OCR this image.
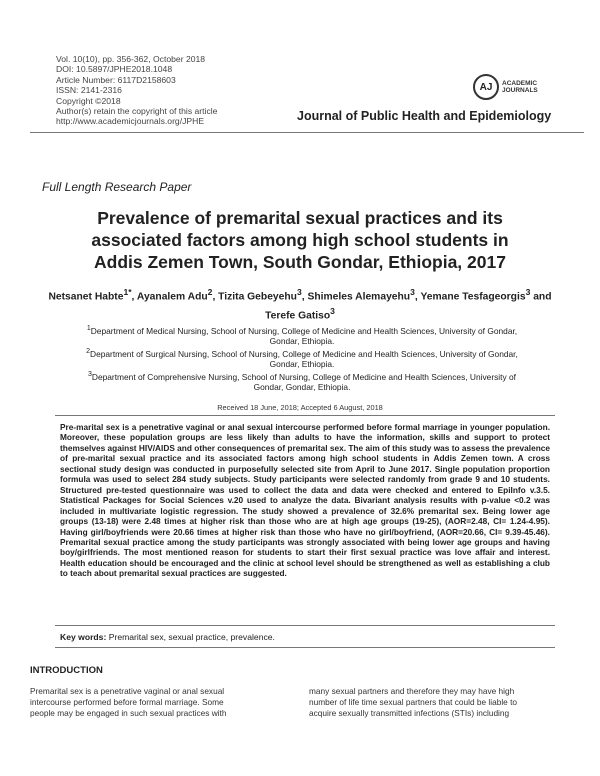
Vol. 10(10), pp. 356-362, October 2018
DOI: 10.5897/JPHE2018.1048
Article Number: 6117D2158603
ISSN: 2141-2316
Copyright ©2018
Author(s) retain the copyright of this article
http://www.academicjournals.org/JPHE
AJ	ACADEMIC
JOURNALS
Journal of Public Health and Epidemiology
Full Length Research Paper
Prevalence of premarital sexual practices and its
associated factors among high school students in
Addis Zemen Town, South Gondar, Ethiopia, 2017
Netsanet Habte$^{1*}$, Ayanalem Adu$^2$, Tizita Gebeyehu$^3$, Shimeles Alemayehu$^3$, Yemane Tesfageorgis$^3$ and Terefe Gatiso$^3$
$^1$Department of Medical Nursing, School of Nursing, College of Medicine and Health Sciences, University of Gondar,
Gondar, Ethiopia.
$^2$Department of Surgical Nursing, School of Nursing, College of Medicine and Health Sciences, University of Gondar,
Gondar, Ethiopia.
$^3$Department of Comprehensive Nursing, School of Nursing, College of Medicine and Health Sciences, University of
Gondar, Gondar, Ethiopia.
Received 18 June, 2018; Accepted 6 August, 2018
Pre-marital sex is a penetrative vaginal or anal sexual intercourse performed before formal marriage in younger population. Moreover, these population groups are less likely than adults to have the information, skills and support to protect themselves against HIV/AIDS and other consequences of premarital sex. The aim of this study was to assess the prevalence of pre-marital sexual practice and its associated factors among high school students in Addis Zemen town. A cross sectional study design was conducted in purposefully selected site from April to June 2017. Single population proportion formula was used to select 284 study subjects. Study participants were selected randomly from grade 9 and 10 students. Structured pre-tested questionnaire was used to collect the data and data were checked and entered to EpiInfo v.3.5. Statistical Packages for Social Sciences v.20 used to analyze the data. Bivariant analysis results with p-value <0.2 was included in multivariate logistic regression. The study showed a prevalence of 32.6% premarital sex. Being lower age groups (13-18) were 2.48 times at higher risk than those who are at high age groups (19-25), (AOR=2.48, CI= 1.24-4.95). Having girl/boyfriends were 20.66 times at higher risk than those who have no girl/boyfriend, (AOR=20.66, CI= 9.39-45.46). Premarital sexual practice among the study participants was strongly associated with being lower age groups and having boy/girlfriends. The most mentioned reason for students to start their first sexual practice was love affair and interest. Health education should be encouraged and the clinic at school level should be strengthened as well as establishing a club to teach about premarital sexual practices are suggested.
Key words: Premarital sex, sexual practice, prevalence.
INTRODUCTION
Premarital sex is a penetrative vaginal or anal sexual
intercourse performed before formal marriage. Some
people may be engaged in such sexual practices with
many sexual partners and therefore they may have high
number of life time sexual partners that could be liable to
acquire sexually transmitted infections (STIs) including
